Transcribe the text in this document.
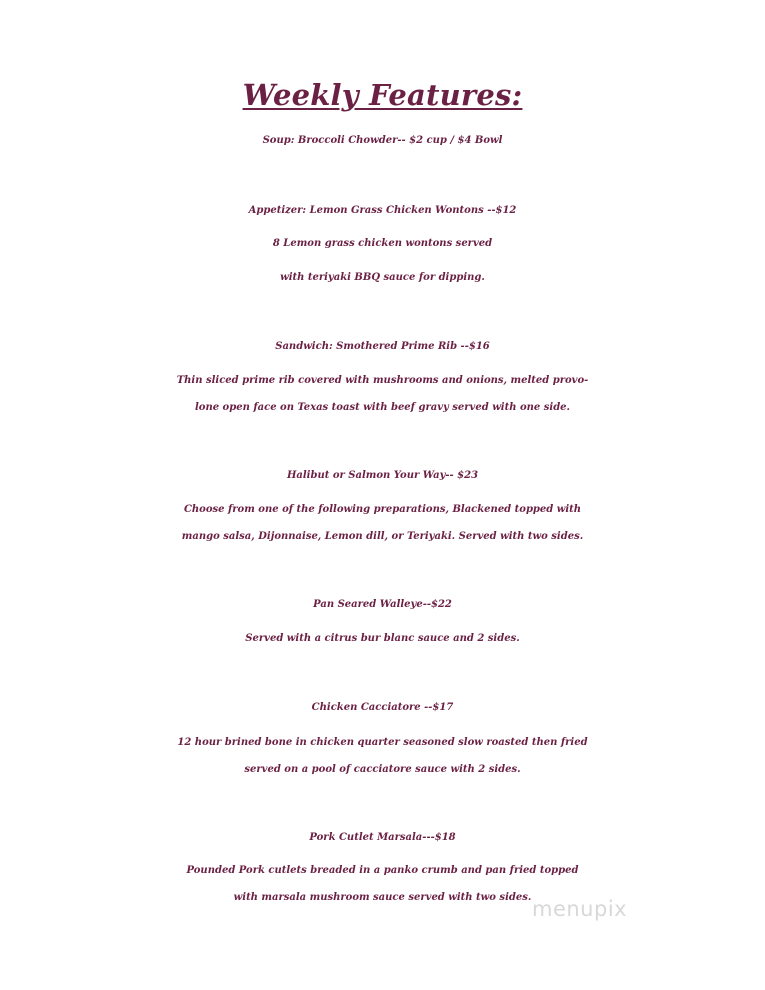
Weekly Features:
Soup: Broccoli Chowder-- $2 cup / $4 Bowl
Appetizer: Lemon Grass Chicken Wontons --$12
8 Lemon grass chicken wontons served
with teriyaki BBQ sauce for dipping.
Sandwich: Smothered Prime Rib --$16
Thin sliced prime rib covered with mushrooms and onions, melted provo-
lone open face on Texas toast with beef gravy served with one side.
Halibut or Salmon Your Way-- $23
Choose from one of the following preparations, Blackened topped with
mango salsa, Dijonnaise, Lemon dill, or Teriyaki. Served with two sides.
Pan Seared Walleye--$22
Served with a citrus bur blanc sauce and 2 sides.
Chicken Cacciatore --$17
12 hour brined bone in chicken quarter seasoned slow roasted then fried
served on a pool of cacciatore sauce with 2 sides.
Pork Cutlet Marsala---$18
Pounded Pork cutlets breaded in a panko crumb and pan fried topped
with marsala mushroom sauce served with two sides. menupix
